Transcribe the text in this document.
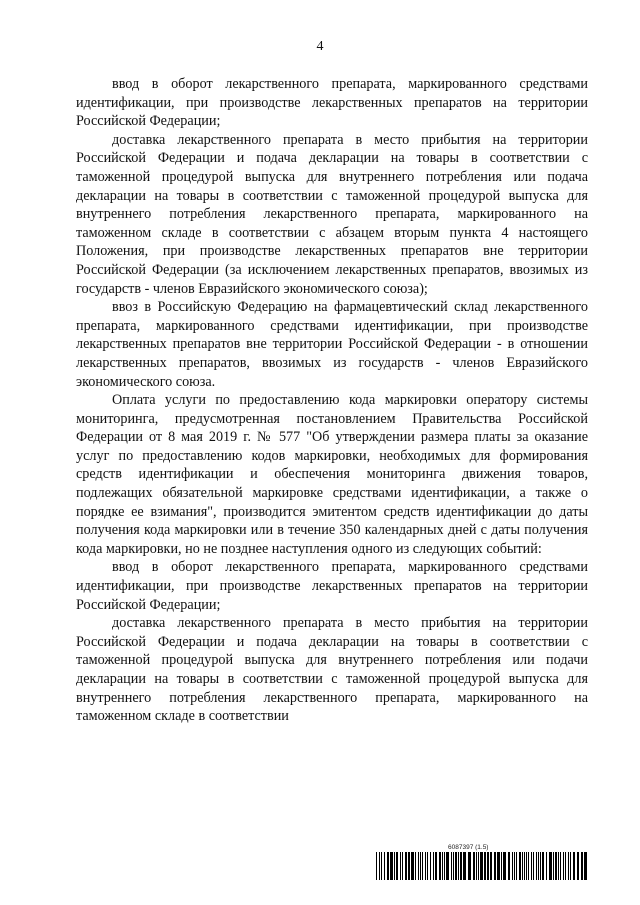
4

ввод в оборот лекарственного препарата, маркированного средствами идентификации, при производстве лекарственных препаратов на территории Российской Федерации;

доставка лекарственного препарата в место прибытия на территории Российской Федерации и подача декларации на товары в соответствии с таможенной процедурой выпуска для внутреннего потребления или подача декларации на товары в соответствии с таможенной процедурой выпуска для внутреннего потребления лекарственного препарата, маркированного на таможенном складе в соответствии с абзацем вторым пункта 4 настоящего Положения, при производстве лекарственных препаратов вне территории Российской Федерации (за исключением лекарственных препаратов, ввозимых из государств - членов Евразийского экономического союза);

ввоз в Российскую Федерацию на фармацевтический склад лекарственного препарата, маркированного средствами идентификации, при производстве лекарственных препаратов вне территории Российской Федерации - в отношении лекарственных препаратов, ввозимых из государств - членов Евразийского экономического союза.

Оплата услуги по предоставлению кода маркировки оператору системы мониторинга, предусмотренная постановлением Правительства Российской Федерации от 8 мая 2019 г. № 577 "Об утверждении размера платы за оказание услуг по предоставлению кодов маркировки, необходимых для формирования средств идентификации и обеспечения мониторинга движения товаров, подлежащих обязательной маркировке средствами идентификации, а также о порядке ее взимания", производится эмитентом средств идентификации до даты получения кода маркировки или в течение 350 календарных дней с даты получения кода маркировки, но не позднее наступления одного из следующих событий:

ввод в оборот лекарственного препарата, маркированного средствами идентификации, при производстве лекарственных препаратов на территории Российской Федерации;

доставка лекарственного препарата в место прибытия на территории Российской Федерации и подача декларации на товары в соответствии с таможенной процедурой выпуска для внутреннего потребления или подачи декларации на товары в соответствии с таможенной процедурой выпуска для внутреннего потребления лекарственного препарата, маркированного на таможенном складе в соответствии

6087397 (1.5)
